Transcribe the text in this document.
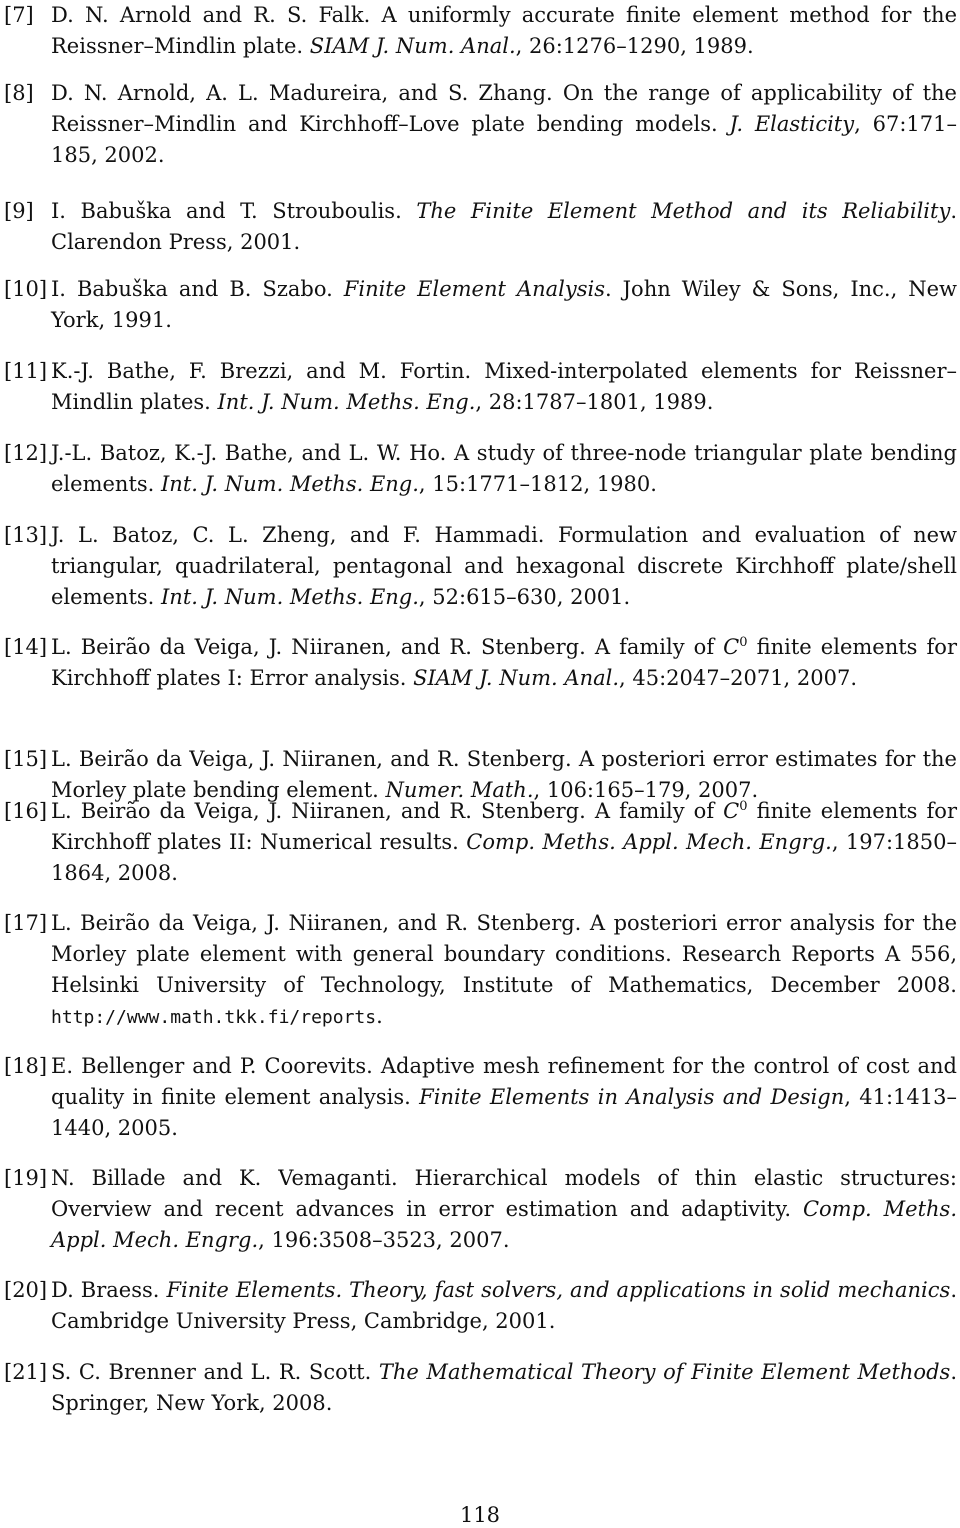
[7] D. N. Arnold and R. S. Falk. A uniformly accurate finite element method for the Reissner–Mindlin plate. SIAM J. Num. Anal., 26:1276–1290, 1989.
[8] D. N. Arnold, A. L. Madureira, and S. Zhang. On the range of applicability of the Reissner–Mindlin and Kirchhoff–Love plate bending models. J. Elasticity, 67:171–185, 2002.
[9] I. Babuška and T. Strouboulis. The Finite Element Method and its Reliability. Clarendon Press, 2001.
[10] I. Babuška and B. Szabo. Finite Element Analysis. John Wiley & Sons, Inc., New York, 1991.
[11] K.-J. Bathe, F. Brezzi, and M. Fortin. Mixed-interpolated elements for Reissner–Mindlin plates. Int. J. Num. Meths. Eng., 28:1787–1801, 1989.
[12] J.-L. Batoz, K.-J. Bathe, and L. W. Ho. A study of three-node triangular plate bending elements. Int. J. Num. Meths. Eng., 15:1771–1812, 1980.
[13] J. L. Batoz, C. L. Zheng, and F. Hammadi. Formulation and evaluation of new triangular, quadrilateral, pentagonal and hexagonal discrete Kirchhoff plate/shell elements. Int. J. Num. Meths. Eng., 52:615–630, 2001.
[14] L. Beirão da Veiga, J. Niiranen, and R. Stenberg. A family of $C^0$ finite elements for Kirchhoff plates I: Error analysis. SIAM J. Num. Anal., 45:2047–2071, 2007.
[15] L. Beirão da Veiga, J. Niiranen, and R. Stenberg. A posteriori error estimates for the Morley plate bending element. Numer. Math., 106:165–179, 2007.
[16] L. Beirão da Veiga, J. Niiranen, and R. Stenberg. A family of $C^0$ finite elements for Kirchhoff plates II: Numerical results. Comp. Meths. Appl. Mech. Engrg., 197:1850–1864, 2008.
[17] L. Beirão da Veiga, J. Niiranen, and R. Stenberg. A posteriori error analysis for the Morley plate element with general boundary conditions. Research Reports A 556, Helsinki University of Technology, Institute of Mathematics, December 2008. http://www.math.tkk.fi/reports.
[18] E. Bellenger and P. Coorevits. Adaptive mesh refinement for the control of cost and quality in finite element analysis. Finite Elements in Analysis and Design, 41:1413–1440, 2005.
[19] N. Billade and K. Vemaganti. Hierarchical models of thin elastic structures: Overview and recent advances in error estimation and adaptivity. Comp. Meths. Appl. Mech. Engrg., 196:3508–3523, 2007.
[20] D. Braess. Finite Elements. Theory, fast solvers, and applications in solid mechanics. Cambridge University Press, Cambridge, 2001.
[21] S. C. Brenner and L. R. Scott. The Mathematical Theory of Finite Element Methods. Springer, New York, 2008.
118
